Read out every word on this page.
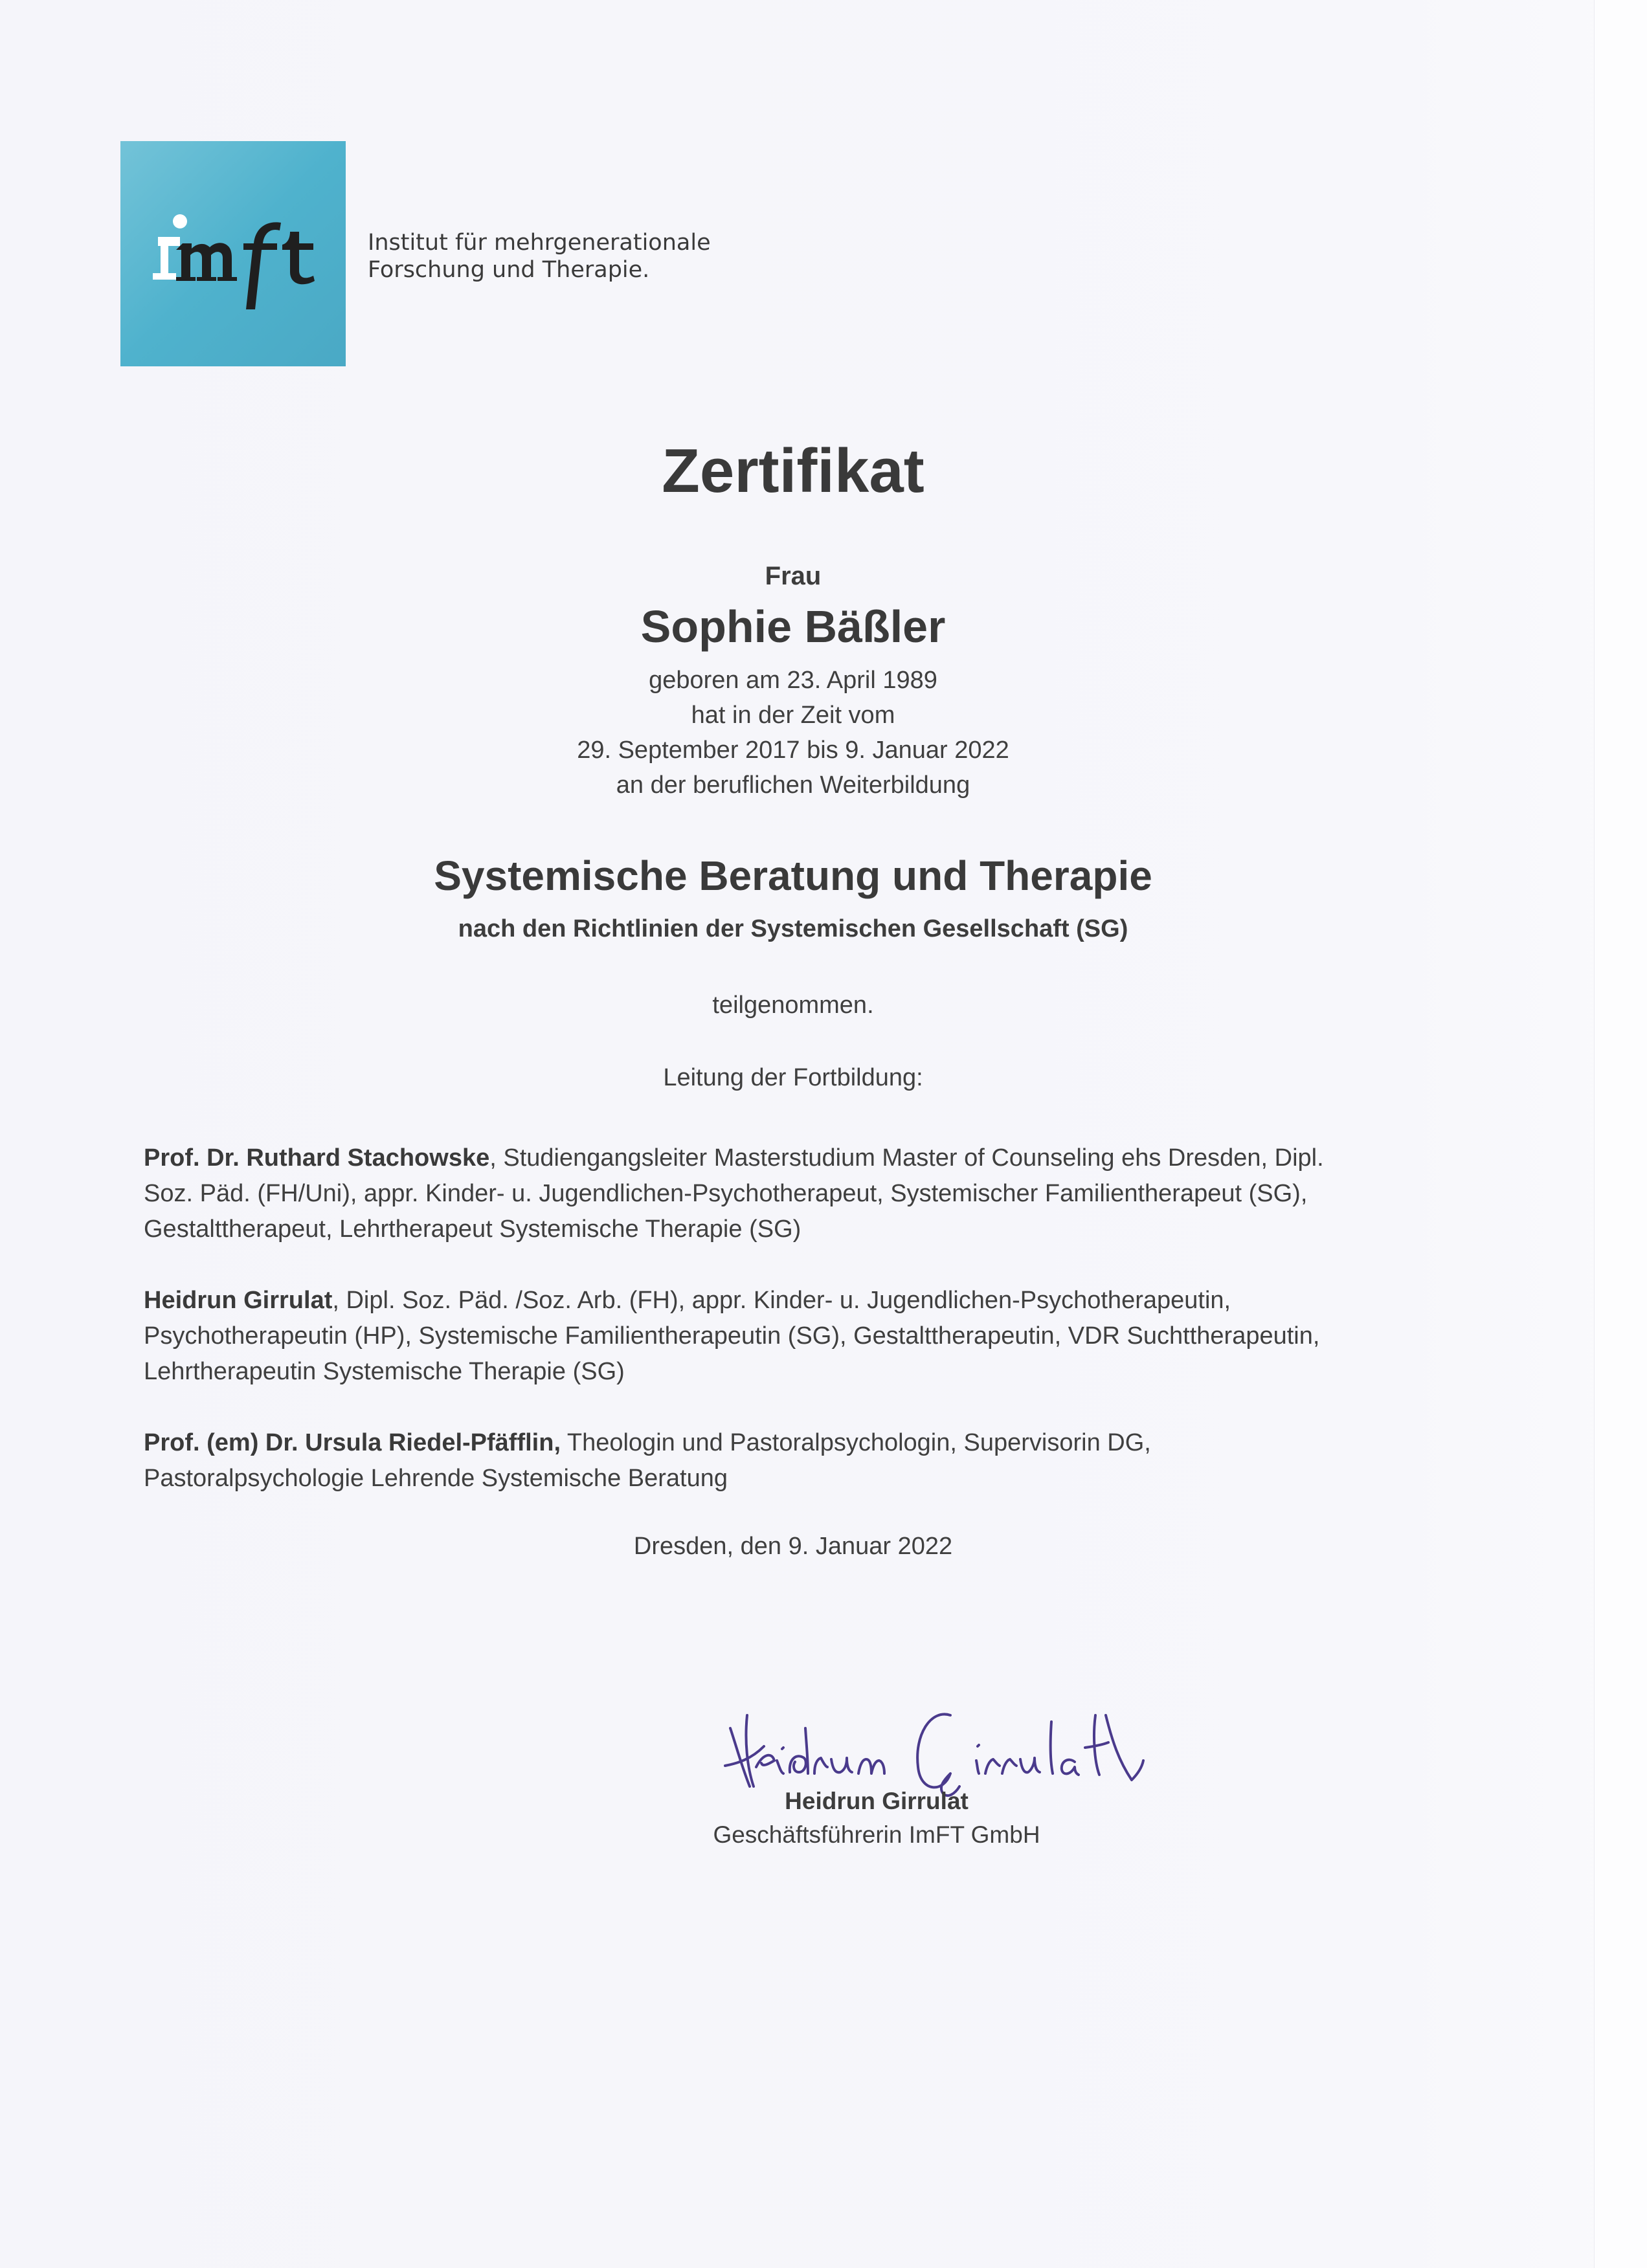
Institut für mehrgenerationale
Forschung und Therapie.
Zertifikat
Frau
Sophie Bäßler
geboren am 23. April 1989
hat in der Zeit vom
29. September 2017 bis 9. Januar 2022
an der beruflichen Weiterbildung
Systemische Beratung und Therapie
nach den Richtlinien der Systemischen Gesellschaft (SG)
teilgenommen.
Leitung der Fortbildung:
Prof. Dr. Ruthard Stachowske, Studiengangsleiter Masterstudium Master of Counseling ehs Dresden, Dipl.
Soz. Päd. (FH/Uni), appr. Kinder- u. Jugendlichen-Psychotherapeut, Systemischer Familientherapeut (SG),
Gestalttherapeut, Lehrtherapeut Systemische Therapie (SG)
Heidrun Girrulat, Dipl. Soz. Päd. /Soz. Arb. (FH), appr. Kinder- u. Jugendlichen-Psychotherapeutin,
Psychotherapeutin (HP), Systemische Familientherapeutin (SG), Gestalttherapeutin, VDR Suchttherapeutin,
Lehrtherapeutin Systemische Therapie (SG)
Prof. (em) Dr. Ursula Riedel-Pfäfflin, Theologin und Pastoralpsychologin, Supervisorin DG,
Pastoralpsychologie Lehrende Systemische Beratung
Dresden, den 9. Januar 2022
Heidrun Girrulat
Geschäftsführerin ImFT GmbH
